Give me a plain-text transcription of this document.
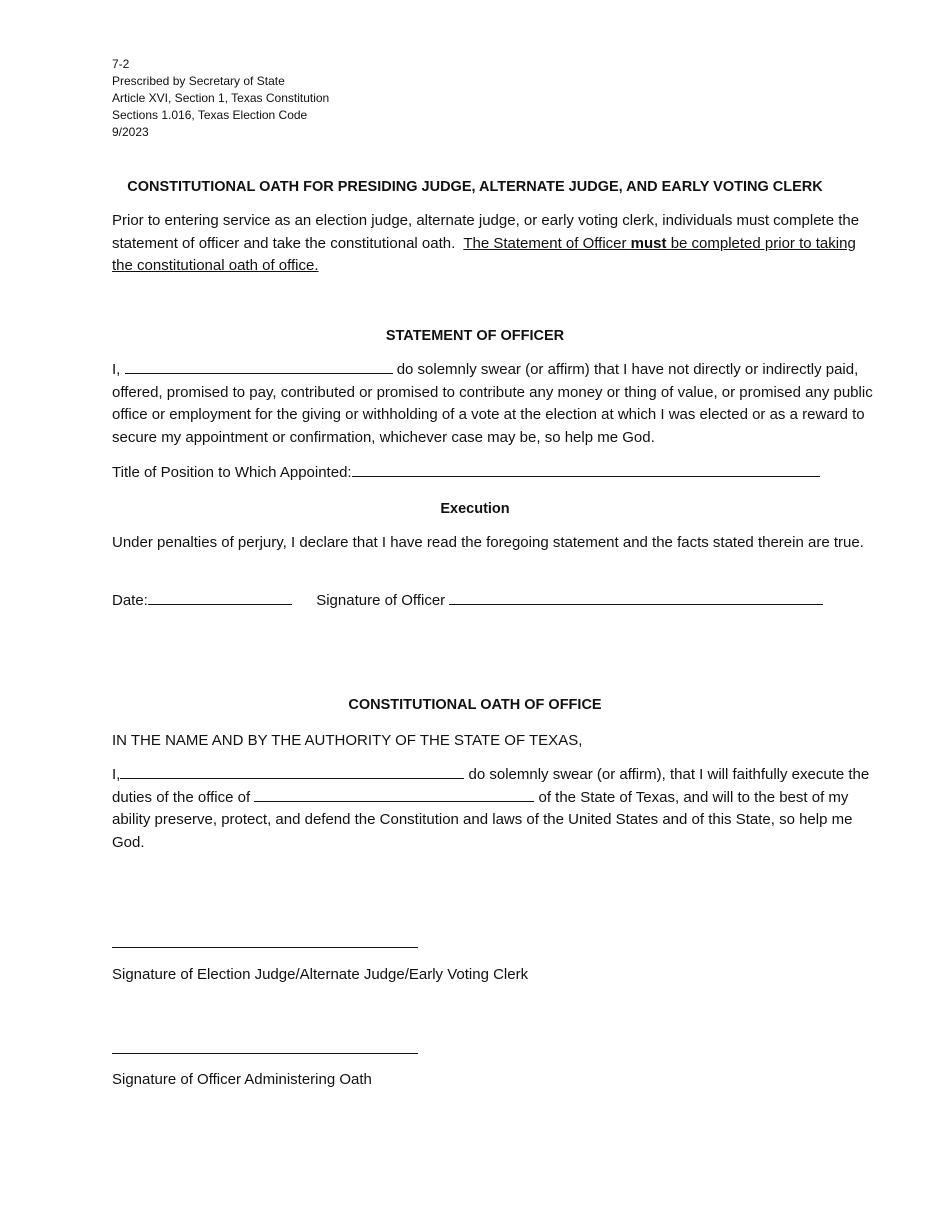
7-2
Prescribed by Secretary of State
Article XVI, Section 1, Texas Constitution
Sections 1.016, Texas Election Code
9/2023
CONSTITUTIONAL OATH FOR PRESIDING JUDGE, ALTERNATE JUDGE, AND EARLY VOTING CLERK
Prior to entering service as an election judge, alternate judge, or early voting clerk, individuals must complete the statement of officer and take the constitutional oath. The Statement of Officer must be completed prior to taking the constitutional oath of office.
STATEMENT OF OFFICER
I,	do solemnly swear (or affirm) that I have not directly or indirectly paid, offered, promised to pay, contributed or promised to contribute any money or thing of value, or promised any public office or employment for the giving or withholding of a vote at the election at which I was elected or as a reward to secure my appointment or confirmation, whichever case may be, so help me God.
Title of Position to Which Appointed:
Execution
Under penalties of perjury, I declare that I have read the foregoing statement and the facts stated therein are true.
Date:	Signature of Officer
CONSTITUTIONAL OATH OF OFFICE
IN THE NAME AND BY THE AUTHORITY OF THE STATE OF TEXAS,
I,	do solemnly swear (or affirm), that I will faithfully execute the duties of the office of	of the State of Texas, and will to the best of my ability preserve, protect, and defend the Constitution and laws of the United States and of this State, so help me God.
Signature of Election Judge/Alternate Judge/Early Voting Clerk
Signature of Officer Administering Oath
